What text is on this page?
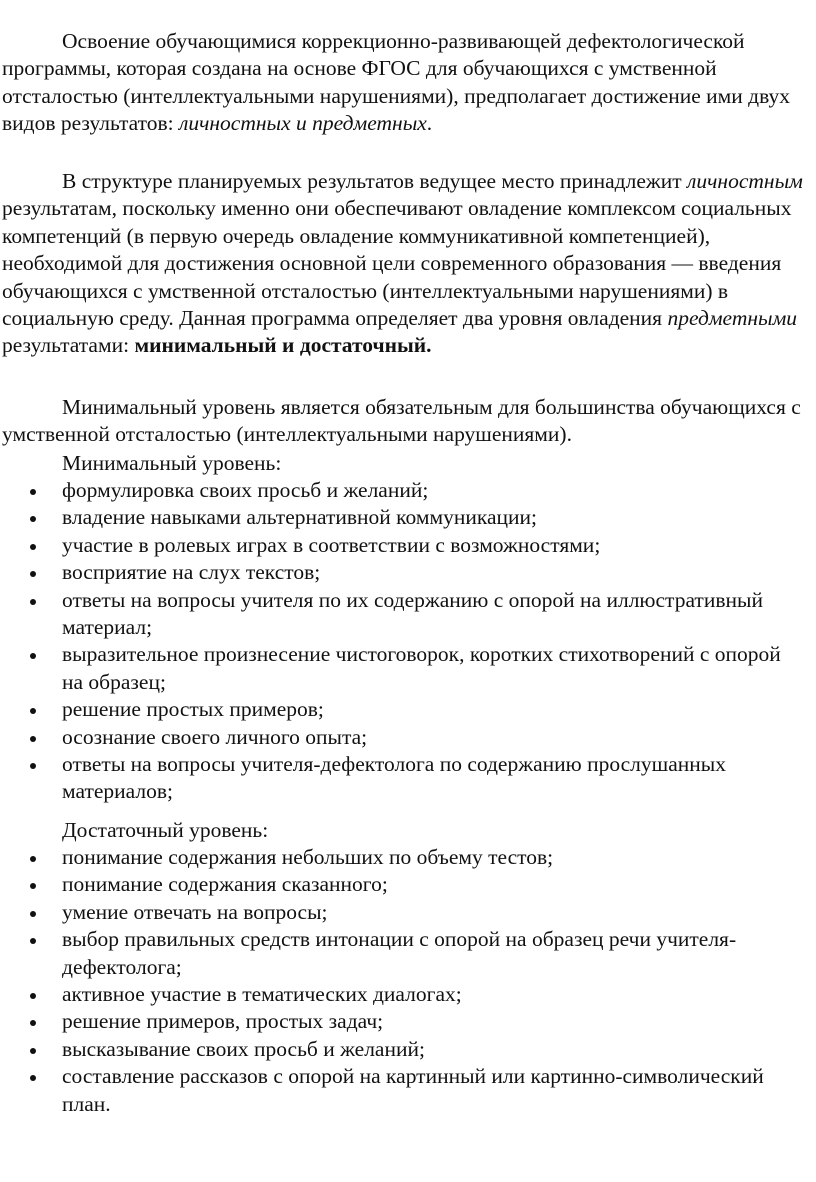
Освоение обучающимися коррекционно-развивающей дефектологической программы, которая создана на основе ФГОС для обучающихся с умственной отсталостью (интеллектуальными нарушениями), предполагает достижение ими двух видов результатов: личностных и предметных.

В структуре планируемых результатов ведущее место принадлежит личностным результатам, поскольку именно они обеспечивают овладение комплексом социальных компетенций (в первую очередь овладение коммуникативной компетенцией), необходимой для достижения основной цели современного образования — введения обучающихся с умственной отсталостью (интеллектуальными нарушениями) в социальную среду. Данная программа определяет два уровня овладения предметными результатами: минимальный и достаточный.

Минимальный уровень является обязательным для большинства обучающихся с умственной отсталостью (интеллектуальными нарушениями).

Минимальный уровень:

формулировка своих просьб и желаний;
владение навыками альтернативной коммуникации;
участие в ролевых играх в соответствии с возможностями;
восприятие на слух текстов;
ответы на вопросы учителя по их содержанию с опорой на иллюстративный материал;
выразительное произнесение чистоговорок, коротких стихотворений с опорой на образец;
решение простых примеров;
осознание своего личного опыта;
ответы на вопросы учителя-дефектолога по содержанию прослушанных материалов;

Достаточный уровень:

понимание содержания небольших по объему тестов;
понимание содержания сказанного;
умение отвечать на вопросы;
выбор правильных средств интонации с опорой на образец речи учителя-дефектолога;
активное участие в тематических диалогах;
решение примеров, простых задач;
высказывание своих просьб и желаний;
составление рассказов с опорой на картинный или картинно-символический план.
